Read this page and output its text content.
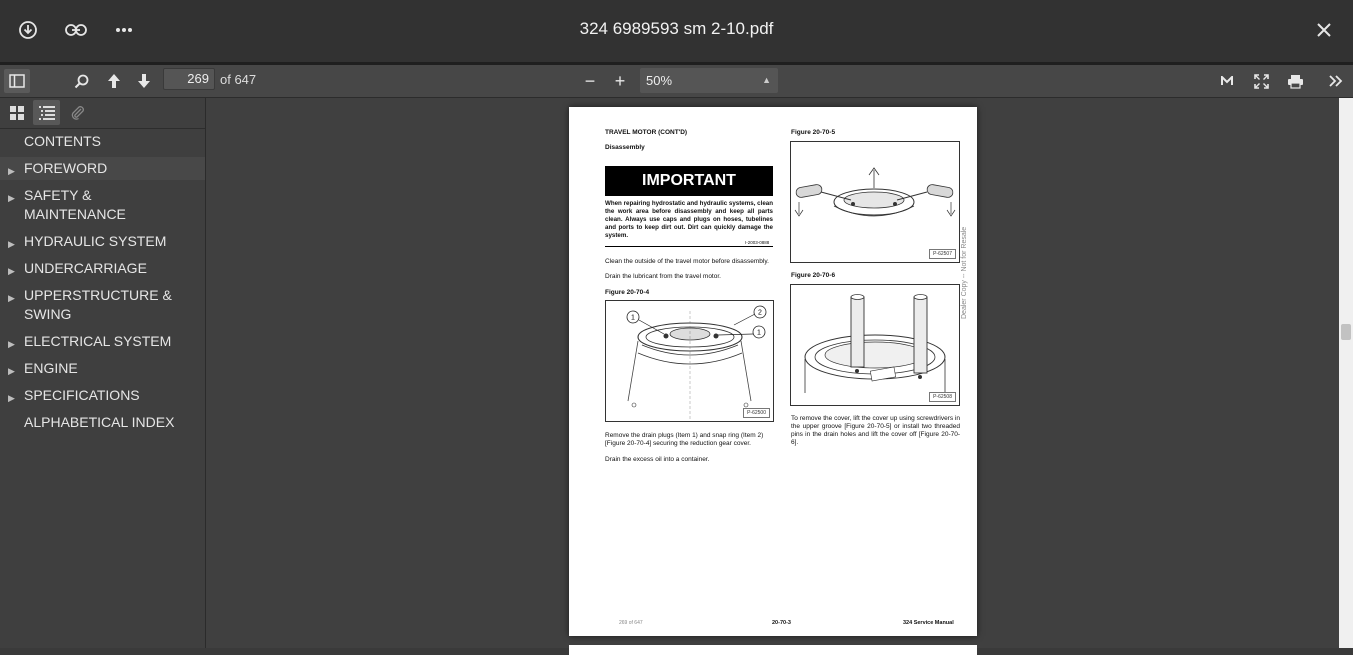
324 6989593 sm 2-10.pdf
269 of 647	−	+	50%	▲

CONTENTS
▶ FOREWORD
▶ SAFETY & MAINTENANCE
▶ HYDRAULIC SYSTEM
▶ UNDERCARRIAGE
▶ UPPERSTRUCTURE & SWING
▶ ELECTRICAL SYSTEM
▶ ENGINE
▶ SPECIFICATIONS
ALPHABETICAL INDEX
TRAVEL MOTOR (CONT'D)
Disassembly
IMPORTANT
When repairing hydrostatic and hydraulic systems, clean the work area before disassembly and keep all parts clean. Always use caps and plugs on hoses, tubelines and ports to keep dirt out. Dirt can quickly damage the system.
I-2003-0888
Clean the outside of the travel motor before disassembly.
Drain the lubricant from the travel motor.
Figure 20-70-4
1
1
2
P-62500
Remove the drain plugs (Item 1) and snap ring (Item 2) [Figure 20-70-4] securing the reduction gear cover.
Drain the excess oil into a container.
Figure 20-70-5
P-62507
Figure 20-70-6
P-62508
To remove the cover, lift the cover up using screwdrivers in the upper groove [Figure 20-70-5] or install two threaded pins in the drain holes and lift the cover off [Figure 20-70-6].
Dealer Copy -- Not for Resale
269 of 647	20-70-3	324 Service Manual
